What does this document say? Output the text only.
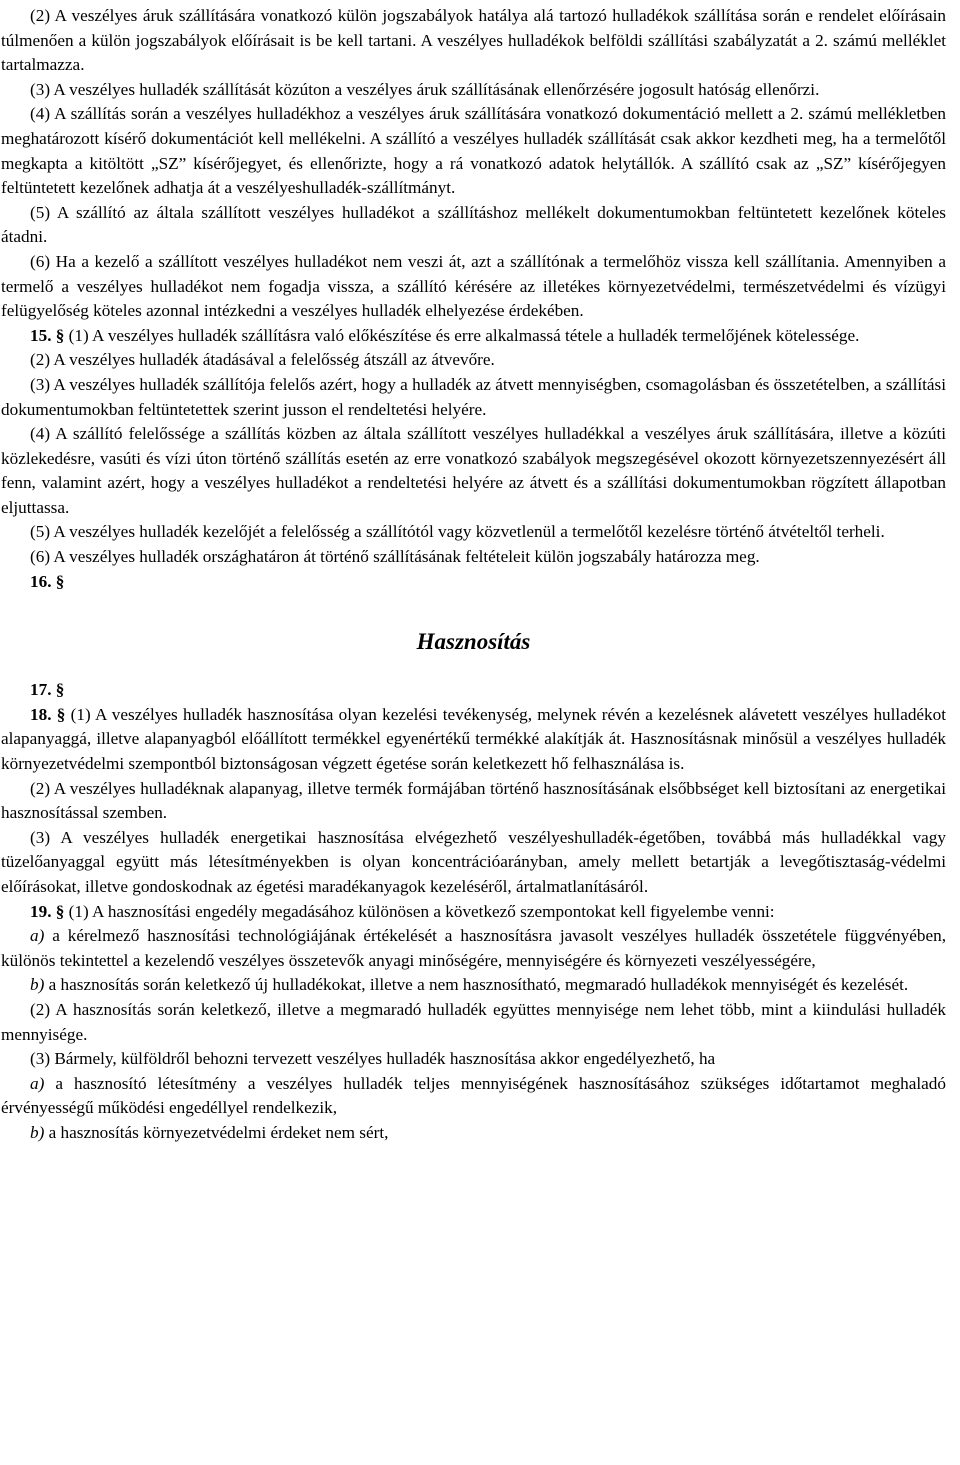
(2) A veszélyes áruk szállítására vonatkozó külön jogszabályok hatálya alá tartozó hulladékok szállítása során e rendelet előírásain túlmenően a külön jogszabályok előírásait is be kell tartani. A veszélyes hulladékok belföldi szállítási szabályzatát a 2. számú melléklet tartalmazza.

(3) A veszélyes hulladék szállítását közúton a veszélyes áruk szállításának ellenőrzésére jogosult hatóság ellenőrzi.

(4) A szállítás során a veszélyes hulladékhoz a veszélyes áruk szállítására vonatkozó dokumentáció mellett a 2. számú mellékletben meghatározott kísérő dokumentációt kell mellékelni. A szállító a veszélyes hulladék szállítását csak akkor kezdheti meg, ha a termelőtől megkapta a kitöltött „SZ” kísérőjegyet, és ellenőrizte, hogy a rá vonatkozó adatok helytállók. A szállító csak az „SZ” kísérőjegyen feltüntetett kezelőnek adhatja át a veszélyeshulladék-szállítmányt.

(5) A szállító az általa szállított veszélyes hulladékot a szállításhoz mellékelt dokumentumokban feltüntetett kezelőnek köteles átadni.

(6) Ha a kezelő a szállított veszélyes hulladékot nem veszi át, azt a szállítónak a termelőhöz vissza kell szállítania. Amennyiben a termelő a veszélyes hulladékot nem fogadja vissza, a szállító kérésére az illetékes környezetvédelmi, természetvédelmi és vízügyi felügyelőség köteles azonnal intézkedni a veszélyes hulladék elhelyezése érdekében.

15. § (1) A veszélyes hulladék szállításra való előkészítése és erre alkalmassá tétele a hulladék termelőjének kötelessége.

(2) A veszélyes hulladék átadásával a felelősség átszáll az átvevőre.

(3) A veszélyes hulladék szállítója felelős azért, hogy a hulladék az átvett mennyiségben, csomagolásban és összetételben, a szállítási dokumentumokban feltüntetettek szerint jusson el rendeltetési helyére.

(4) A szállító felelőssége a szállítás közben az általa szállított veszélyes hulladékkal a veszélyes áruk szállítására, illetve a közúti közlekedésre, vasúti és vízi úton történő szállítás esetén az erre vonatkozó szabályok megszegésével okozott környezetszennyezésért áll fenn, valamint azért, hogy a veszélyes hulladékot a rendeltetési helyére az átvett és a szállítási dokumentumokban rögzített állapotban eljuttassa.

(5) A veszélyes hulladék kezelőjét a felelősség a szállítótól vagy közvetlenül a termelőtől kezelésre történő átvételtől terheli.

(6) A veszélyes hulladék országhatáron át történő szállításának feltételeit külön jogszabály határozza meg.

16. §

Hasznosítás

17. §

18. § (1) A veszélyes hulladék hasznosítása olyan kezelési tevékenység, melynek révén a kezelésnek alávetett veszélyes hulladékot alapanyaggá, illetve alapanyagból előállított termékkel egyenértékű termékké alakítják át. Hasznosításnak minősül a veszélyes hulladék környezetvédelmi szempontból biztonságosan végzett égetése során keletkezett hő felhasználása is.

(2) A veszélyes hulladéknak alapanyag, illetve termék formájában történő hasznosításának elsőbbséget kell biztosítani az energetikai hasznosítással szemben.

(3) A veszélyes hulladék energetikai hasznosítása elvégezhető veszélyeshulladék-égetőben, továbbá más hulladékkal vagy tüzelőanyaggal együtt más létesítményekben is olyan koncentrációarányban, amely mellett betartják a levegőtisztaság-védelmi előírásokat, illetve gondoskodnak az égetési maradékanyagok kezeléséről, ártalmatlanításáról.

19. § (1) A hasznosítási engedély megadásához különösen a következő szempontokat kell figyelembe venni:

a) a kérelmező hasznosítási technológiájának értékelését a hasznosításra javasolt veszélyes hulladék összetétele függvényében, különös tekintettel a kezelendő veszélyes összetevők anyagi minőségére, mennyiségére és környezeti veszélyességére,

b) a hasznosítás során keletkező új hulladékokat, illetve a nem hasznosítható, megmaradó hulladékok mennyiségét és kezelését.

(2) A hasznosítás során keletkező, illetve a megmaradó hulladék együttes mennyisége nem lehet több, mint a kiindulási hulladék mennyisége.

(3) Bármely, külföldről behozni tervezett veszélyes hulladék hasznosítása akkor engedélyezhető, ha

a) a hasznosító létesítmény a veszélyes hulladék teljes mennyiségének hasznosításához szükséges időtartamot meghaladó érvényességű működési engedéllyel rendelkezik,

b) a hasznosítás környezetvédelmi érdeket nem sért,
